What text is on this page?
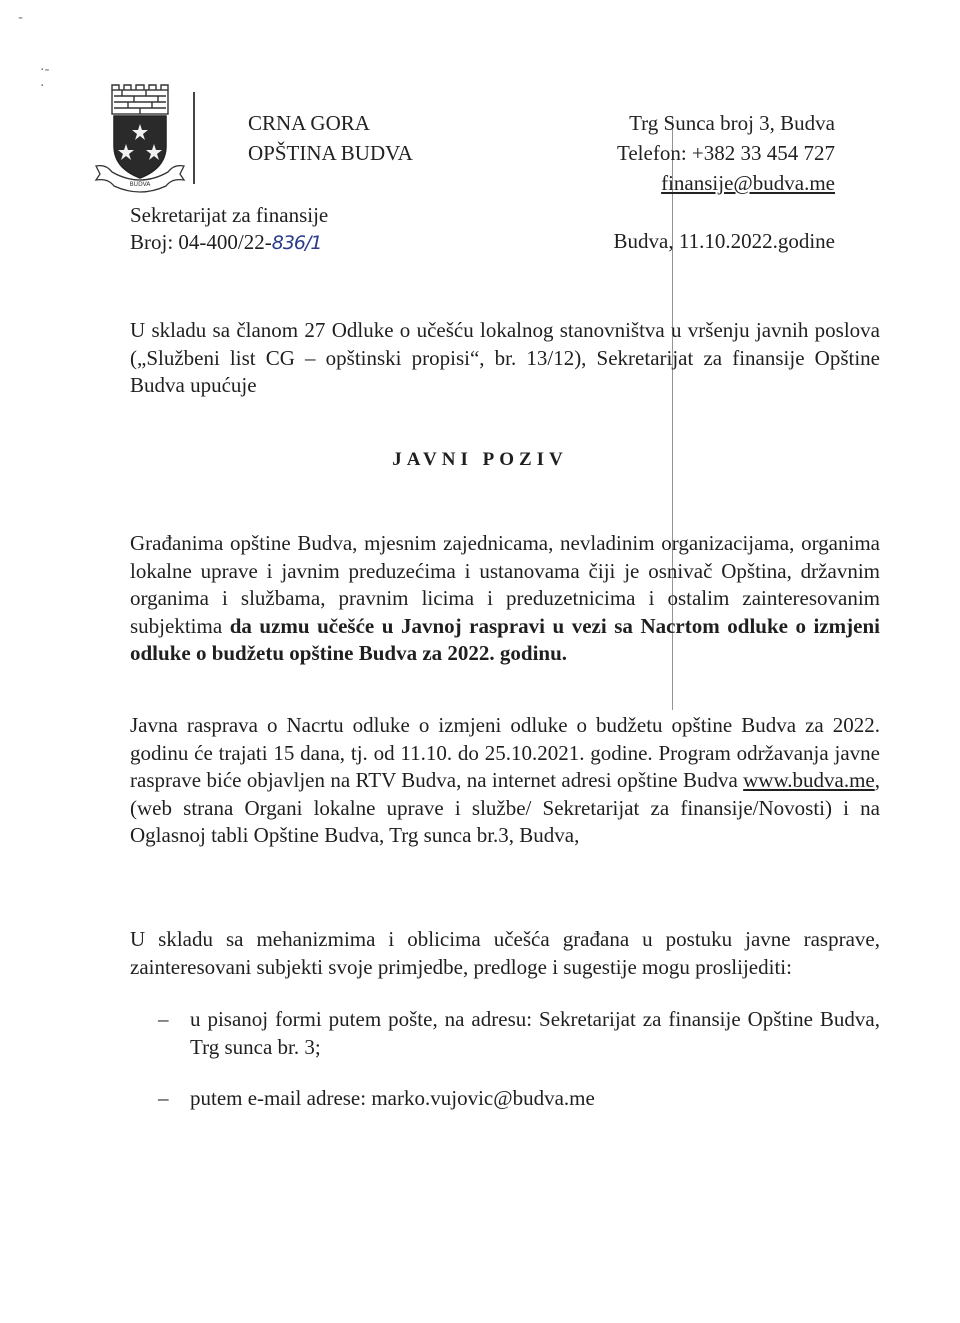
-
·-·
BUDVA
CRNA GORA
OPŠTINA BUDVA
Trg Sunca broj 3, Budva
Telefon: +382 33 454 727
finansije@budva.me
Sekretarijat za finansije
Broj: 04-400/22-836/1	Budva, 11.10.2022.godine
U skladu sa članom 27 Odluke o učešću lokalnog stanovništva u vršenju javnih poslova („Službeni list CG – opštinski propisi“, br. 13/12), Sekretarijat za finansije Opštine Budva upućuje
JAVNI POZIV
Građanima opštine Budva, mjesnim zajednicama, nevladinim organizacijama, organima lokalne uprave i javnim preduzećima i ustanovama čiji je osnivač Opština, državnim organima i službama, pravnim licima i preduzetnicima i ostalim zainteresovanim subjektima da uzmu učešće u Javnoj raspravi u vezi sa Nacrtom odluke o izmjeni odluke o budžetu opštine Budva za 2022. godinu.
Javna rasprava o Nacrtu odluke o izmjeni odluke o budžetu opštine Budva za 2022. godinu će trajati 15 dana, tj. od 11.10. do 25.10.2021. godine. Program održavanja javne rasprave biće objavljen na RTV Budva, na internet adresi opštine Budva www.budva.me, (web strana Organi lokalne uprave i službe/ Sekretarijat za finansije/Novosti) i na Oglasnoj tabli Opštine Budva, Trg sunca br.3, Budva,
U skladu sa mehanizmima i oblicima učešća građana u postuku javne rasprave, zainteresovani subjekti svoje primjedbe, predloge i sugestije mogu proslijediti:
– u pisanoj formi putem pošte, na adresu: Sekretarijat za finansije Opštine Budva, Trg sunca br. 3;
– putem e-mail adrese: marko.vujovic@budva.me
